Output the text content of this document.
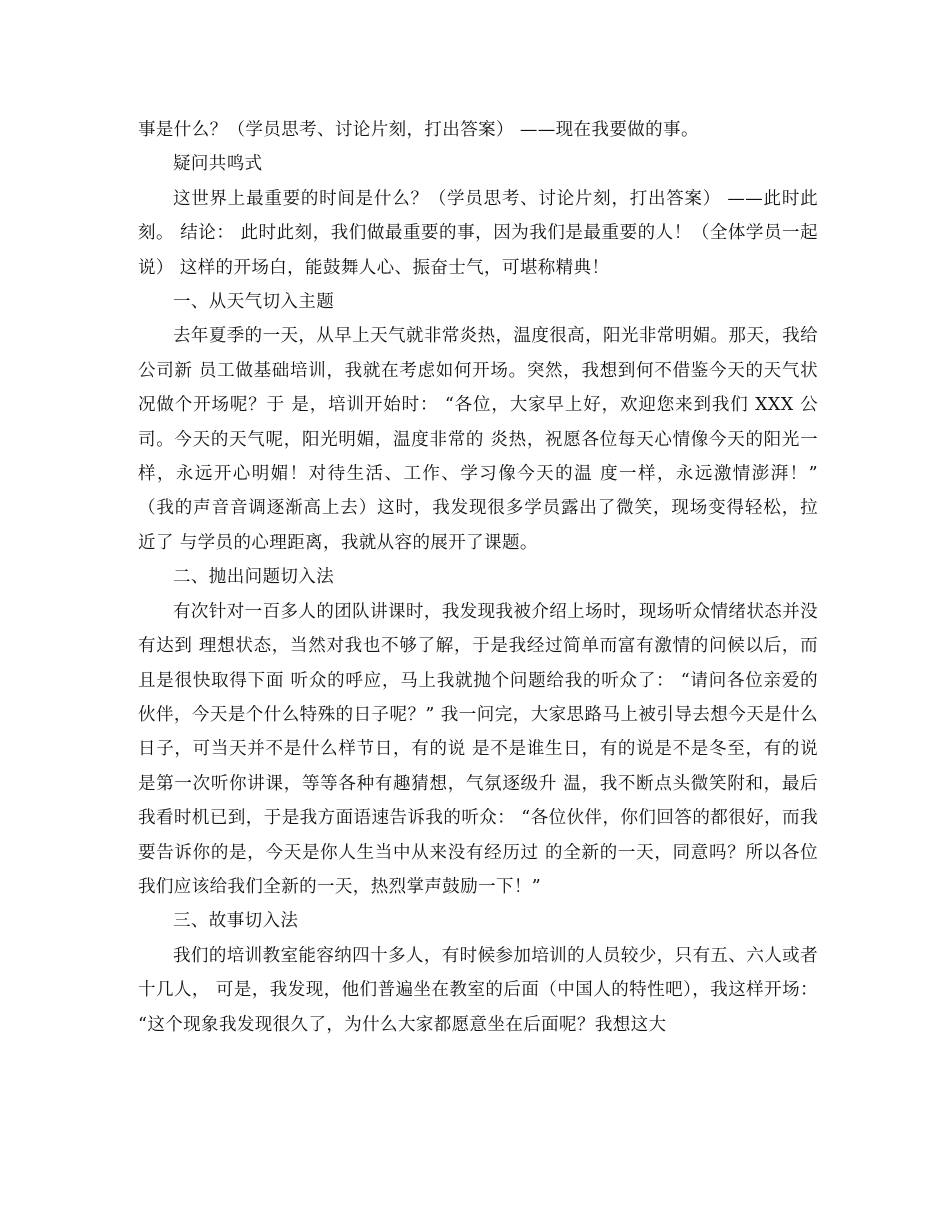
事是什么？（学员思考、讨论片刻，打出答案） ——现在我要做的事。

疑问共鸣式

这世界上最重要的时间是什么？（学员思考、讨论片刻，打出答案） ——此时此刻。 结论： 此时此刻，我们做最重要的事，因为我们是最重要的人！（全体学员一起说） 这样的开场白，能鼓舞人心、振奋士气，可堪称精典！

一、从天气切入主题

去年夏季的一天，从早上天气就非常炎热，温度很高，阳光非常明媚。那天，我给公司新 员工做基础培训，我就在考虑如何开场。突然，我想到何不借鉴今天的天气状况做个开场呢？于 是，培训开始时： “各位，大家早上好，欢迎您来到我们 XXX 公司。今天的天气呢，阳光明媚，温度非常的 炎热，祝愿各位每天心情像今天的阳光一样，永远开心明媚！对待生活、工作、学习像今天的温 度一样，永远激情澎湃！” （我的声音音调逐渐高上去）这时，我发现很多学员露出了微笑，现场变得轻松，拉近了 与学员的心理距离，我就从容的展开了课题。

二、抛出问题切入法

有次针对一百多人的团队讲课时，我发现我被介绍上场时，现场听众情绪状态并没有达到 理想状态，当然对我也不够了解，于是我经过简单而富有激情的问候以后，而且是很快取得下面 听众的呼应，马上我就抛个问题给我的听众了： “请问各位亲爱的伙伴，今天是个什么特殊的日子呢？” 我一问完，大家思路马上被引导去想今天是什么日子，可当天并不是什么样节日，有的说 是不是谁生日，有的说是不是冬至，有的说是第一次听你讲课，等等各种有趣猜想，气氛逐级升 温，我不断点头微笑附和，最后我看时机已到，于是我方面语速告诉我的听众： “各位伙伴，你们回答的都很好，而我要告诉你的是，今天是你人生当中从来没有经历过 的全新的一天，同意吗？所以各位我们应该给我们全新的一天，热烈掌声鼓励一下！”

三、故事切入法

我们的培训教室能容纳四十多人，有时候参加培训的人员较少，只有五、六人或者十几人， 可是，我发现，他们普遍坐在教室的后面（中国人的特性吧），我这样开场： “这个现象我发现很久了，为什么大家都愿意坐在后面呢？我想这大
